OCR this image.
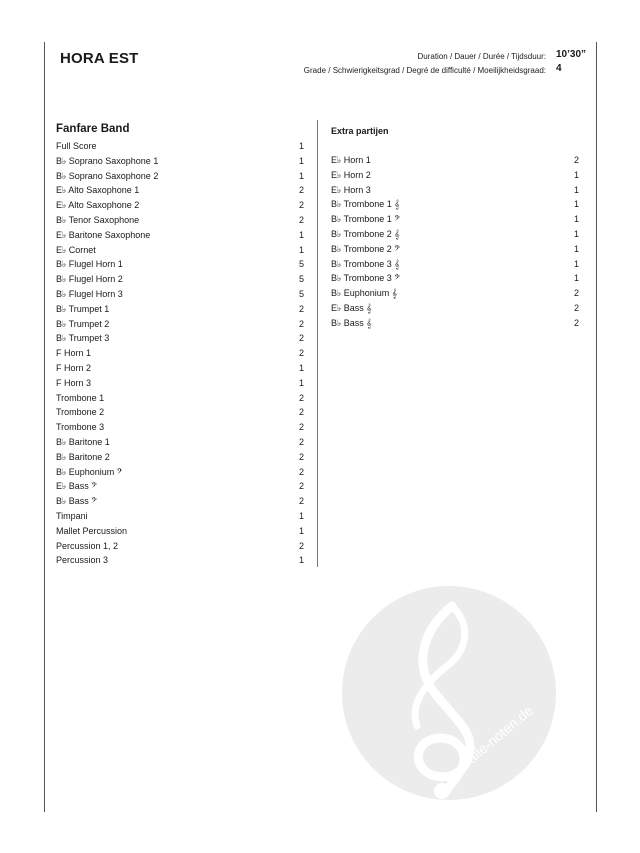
HORA EST	Duration / Dauer / Durée / Tijdsduur: 10’30”
Grade / Schwierigkeitsgrad / Degré de difficulté / Moeilijkheidsgraad: 4
Fanfare Band
Full Score	1
B♭ Soprano Saxophone 1	1
B♭ Soprano Saxophone 2	1
E♭ Alto Saxophone 1	2
E♭ Alto Saxophone 2	2
B♭ Tenor Saxophone	2
E♭ Baritone Saxophone	1
E♭ Cornet	1
B♭ Flugel Horn 1	5
B♭ Flugel Horn 2	5
B♭ Flugel Horn 3	5
B♭ Trumpet 1	2
B♭ Trumpet 2	2
B♭ Trumpet 3	2
F Horn 1	2
F Horn 2	1
F Horn 3	1
Trombone 1	2
Trombone 2	2
Trombone 3	2
B♭ Baritone 1	2
B♭ Baritone 2	2
B♭ Euphonium 𝄢	2
E♭ Bass 𝄢	2
B♭ Bass 𝄢	2
Timpani	1
Mallet Percussion	1
Percussion 1, 2	2
Percussion 3	1
Extra partijen
E♭ Horn 1	2
E♭ Horn 2	1
E♭ Horn 3	1
B♭ Trombone 1 𝄞	1
B♭ Trombone 1 𝄢	1
B♭ Trombone 2 𝄞	1
B♭ Trombone 2 𝄢	1
B♭ Trombone 3 𝄞	1
B♭ Trombone 3 𝄢	1
B♭ Euphonium 𝄞	2
E♭ Bass 𝄞	2
B♭ Bass 𝄞	2
alle-noten.de
